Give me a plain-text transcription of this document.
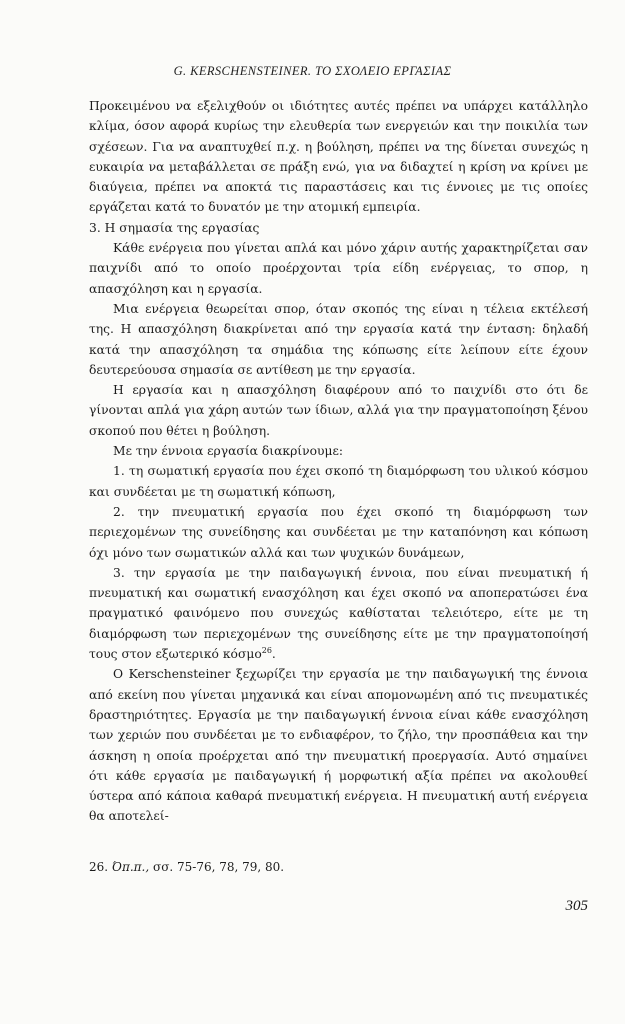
G. KERSCHENSTEINER. ΤΟ ΣΧΟΛΕΙΟ ΕΡΓΑΣΙΑΣ

Προκειμένου να εξελιχθούν οι ιδιότητες αυτές πρέπει να υπάρχει κατάλληλο κλίμα, όσον αφορά κυρίως την ελευθερία των ενεργειών και την ποικιλία των σχέσεων. Για να αναπτυχθεί π.χ. η βούληση, πρέπει να της δίνεται συνεχώς η ευκαιρία να μεταβάλλεται σε πράξη ενώ, για να διδαχτεί η κρίση να κρίνει με διαύγεια, πρέπει να αποκτά τις παραστάσεις και τις έννοιες με τις οποίες εργάζεται κατά το δυνατόν με την ατομική εμπειρία.

3. Η σημασία της εργασίας

Κάθε ενέργεια που γίνεται απλά και μόνο χάριν αυτής χαρακτηρίζεται σαν παιχνίδι από το οποίο προέρχονται τρία είδη ενέργειας, το σπορ, η απασχόληση και η εργασία.

Μια ενέργεια θεωρείται σπορ, όταν σκοπός της είναι η τέλεια εκτέλεσή της. Η απασχόληση διακρίνεται από την εργασία κατά την ένταση: δηλαδή κατά την απασχόληση τα σημάδια της κόπωσης είτε λείπουν είτε έχουν δευτερεύουσα σημασία σε αντίθεση με την εργασία.

Η εργασία και η απασχόληση διαφέρουν από το παιχνίδι στο ότι δε γίνονται απλά για χάρη αυτών των ίδιων, αλλά για την πραγματοποίηση ξένου σκοπού που θέτει η βούληση.

Με την έννοια εργασία διακρίνουμε:

1. τη σωματική εργασία που έχει σκοπό τη διαμόρφωση του υλικού κόσμου και συνδέεται με τη σωματική κόπωση,

2. την πνευματική εργασία που έχει σκοπό τη διαμόρφωση των περιεχομένων της συνείδησης και συνδέεται με την καταπόνηση και κόπωση όχι μόνο των σωματικών αλλά και των ψυχικών δυνάμεων,

3. την εργασία με την παιδαγωγική έννοια, που είναι πνευματική ή πνευματική και σωματική ενασχόληση και έχει σκοπό να αποπερατώσει ένα πραγματικό φαινόμενο που συνεχώς καθίσταται τελειότερο, είτε με τη διαμόρφωση των περιεχομένων της συνείδησης είτε με την πραγματοποίησή τους στον εξωτερικό κόσμο$^{26}$.

Ο Kerschensteiner ξεχωρίζει την εργασία με την παιδαγωγική της έννοια από εκείνη που γίνεται μηχανικά και είναι απομονωμένη από τις πνευματικές δραστηριότητες. Εργασία με την παιδαγωγική έννοια είναι κάθε ενασχόληση των χεριών που συνδέεται με το ενδιαφέρον, το ζήλο, την προσπάθεια και την άσκηση η οποία προέρχεται από την πνευματική προεργασία. Αυτό σημαίνει ότι κάθε εργασία με παιδαγωγική ή μορφωτική αξία πρέπει να ακολουθεί ύστερα από κάποια καθαρά πνευματική ενέργεια. Η πνευματική αυτή ενέργεια θα αποτελεί-

26. Όπ.π., σσ. 75-76, 78, 79, 80.
305
